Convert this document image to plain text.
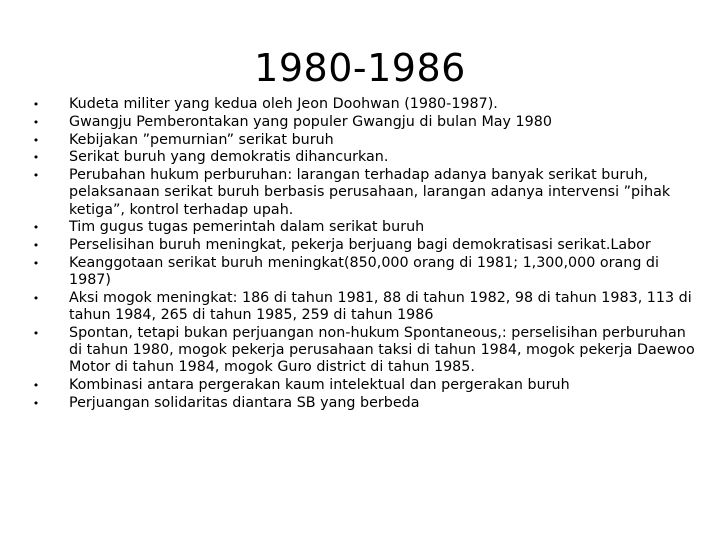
1980-1986
• Kudeta militer yang kedua oleh Jeon Doohwan (1980-1987).
• Gwangju Pemberontakan yang populer Gwangju di bulan May 1980
• Kebijakan ”pemurnian” serikat buruh
• Serikat buruh yang demokratis dihancurkan.
• Perubahan hukum perburuhan: larangan terhadap adanya banyak serikat buruh, pelaksanaan serikat buruh berbasis perusahaan, larangan adanya intervensi ”pihak ketiga”, kontrol terhadap upah.
• Tim gugus tugas pemerintah dalam serikat buruh
• Perselisihan buruh meningkat, pekerja berjuang bagi demokratisasi serikat.Labor
• Keanggotaan serikat buruh meningkat(850,000 orang di 1981; 1,300,000 orang di 1987)
• Aksi mogok meningkat: 186 di tahun 1981, 88 di tahun 1982, 98 di tahun 1983, 113 di tahun 1984, 265 di tahun 1985, 259 di tahun 1986
• Spontan, tetapi bukan perjuangan non-hukum Spontaneous,: perselisihan perburuhan di tahun 1980, mogok pekerja perusahaan taksi di tahun 1984, mogok pekerja Daewoo Motor di tahun 1984, mogok Guro district di tahun 1985.
• Kombinasi antara pergerakan kaum intelektual dan pergerakan buruh
• Perjuangan solidaritas diantara SB yang berbeda
